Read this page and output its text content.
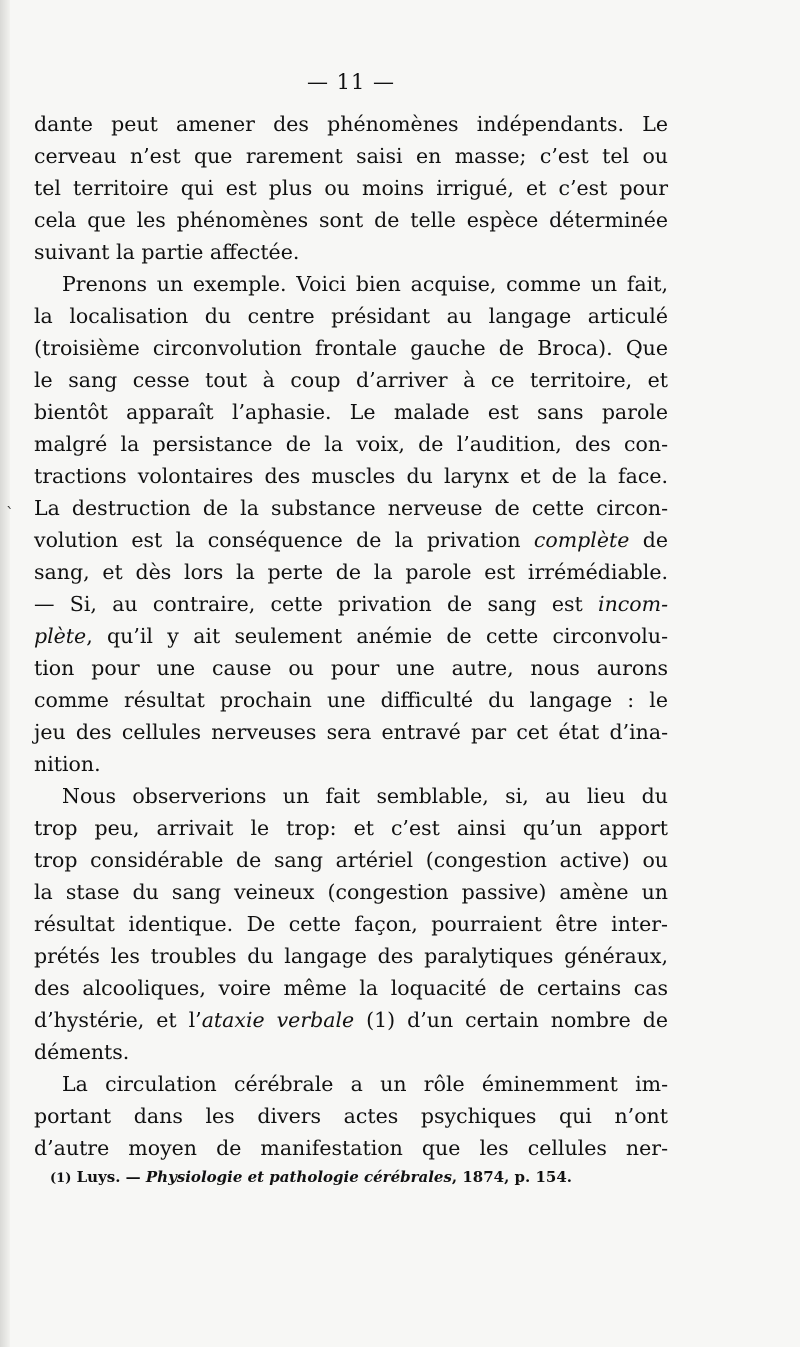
`
— 11 —
dante peut amener des phénomènes indépendants. Le
cerveau n’est que rarement saisi en masse; c’est tel ou
tel territoire qui est plus ou moins irrigué, et c’est pour
cela que les phénomènes sont de telle espèce déterminée
suivant la partie affectée.
Prenons un exemple. Voici bien acquise, comme un fait,
la localisation du centre présidant au langage articulé
(troisième circonvolution frontale gauche de Broca). Que
le sang cesse tout à coup d’arriver à ce territoire, et
bientôt apparaît l’aphasie. Le malade est sans parole
malgré la persistance de la voix, de l’audition, des con-
tractions volontaires des muscles du larynx et de la face.
La destruction de la substance nerveuse de cette circon-
volution est la conséquence de la privation complète de
sang, et dès lors la perte de la parole est irrémédiable.
— Si, au contraire, cette privation de sang est incom-
plète, qu’il y ait seulement anémie de cette circonvolu-
tion pour une cause ou pour une autre, nous aurons
comme résultat prochain une difficulté du langage : le
jeu des cellules nerveuses sera entravé par cet état d’ina-
nition.
Nous observerions un fait semblable, si, au lieu du
trop peu, arrivait le trop: et c’est ainsi qu’un apport
trop considérable de sang artériel (congestion active) ou
la stase du sang veineux (congestion passive) amène un
résultat identique. De cette façon, pourraient être inter-
prétés les troubles du langage des paralytiques généraux,
des alcooliques, voire même la loquacité de certains cas
d’hystérie, et l’ataxie verbale (1) d’un certain nombre de
déments.
La circulation cérébrale a un rôle éminemment im-
portant dans les divers actes psychiques qui n’ont
d’autre moyen de manifestation que les cellules ner-
(1) Luys. — Physiologie et pathologie cérébrales, 1874, p. 154.
